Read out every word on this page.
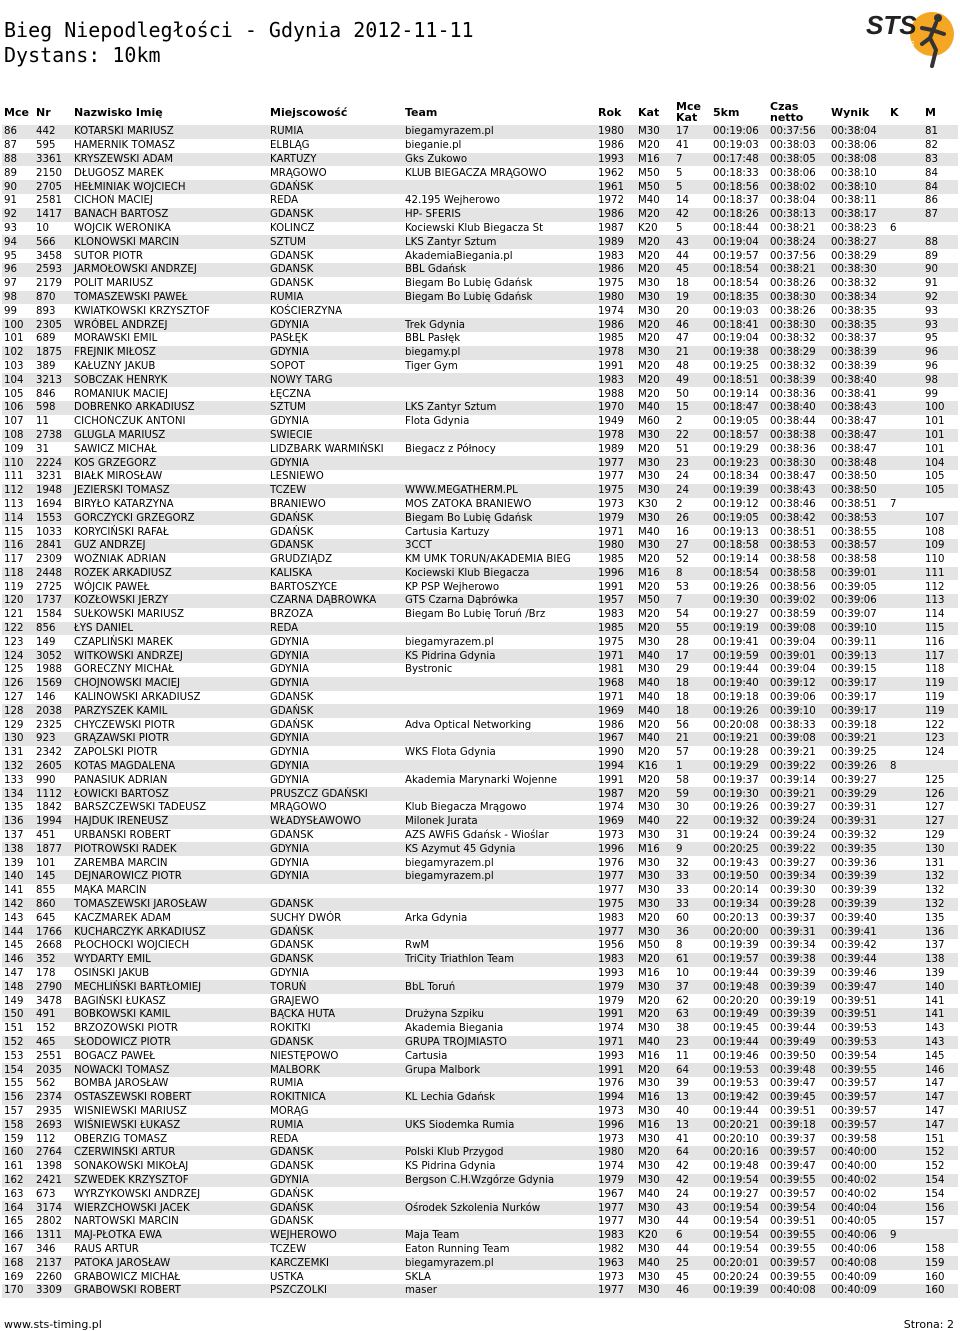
Bieg Niepodległości - Gdynia 2012-11-11
Dystans: 10km
STS
TIMING
Mce	Nr	Nazwisko Imię	Miejscowość	Team	Rok	Kat	Mce Kat	5km	Czas netto	Wynik	K	M
86	442	KOTARSKI MARIUSZ	RUMIA	biegamyrazem.pl	1980	M30	17	00:19:06	00:37:56	00:38:04		81
87	595	HAMERNIK TOMASZ	ELBLĄG	bieganie.pl	1986	M20	41	00:19:03	00:38:03	00:38:06		82
88	3361	KRYSZEWSKI ADAM	KARTUZY	Gks Zukowo	1993	M16	7	00:17:48	00:38:05	00:38:08		83
89	2150	DŁUGOSZ MAREK	MRĄGOWO	KLUB BIEGACZA MRĄGOWO	1962	M50	5	00:18:33	00:38:06	00:38:10		84
90	2705	HEŁMINIAK WOJCIECH	GDAŃSK		1961	M50	5	00:18:56	00:38:02	00:38:10		84
91	2581	CICHOŃ MACIEJ	REDA	42.195 Wejherowo	1972	M40	14	00:18:37	00:38:04	00:38:11		86
92	1417	BANACH BARTOSZ	GDAŃSK	HP- SFERIS	1986	M20	42	00:18:26	00:38:13	00:38:17		87
93	10	WÓJCIK WERONIKA	KOLINCZ	Kociewski Klub Biegacza St	1987	K20	5	00:18:44	00:38:21	00:38:23	6	
94	566	KLONOWSKI MARCIN	SZTUM	LKS Zantyr Sztum	1989	M20	43	00:19:04	00:38:24	00:38:27		88
95	3458	SUTOR PIOTR	GDANSK	AkademiaBiegania.pl	1983	M20	44	00:19:57	00:37:56	00:38:29		89
96	2593	JARMOŁOWSKI ANDRZEJ	GDAŃSK	BBL Gdańsk	1986	M20	45	00:18:54	00:38:21	00:38:30		90
97	2179	POLIT MARIUSZ	GDAŃSK	Biegam Bo Lubię Gdańsk	1975	M30	18	00:18:54	00:38:26	00:38:32		91
98	870	TOMASZEWSKI PAWEŁ	RUMIA	Biegam Bo Lubię Gdańsk	1980	M30	19	00:18:35	00:38:30	00:38:34		92
99	893	KWIATKOWSKI KRZYSZTOF	KOŚCIERZYNA		1974	M30	20	00:19:03	00:38:26	00:38:35		93
100	2305	WRÓBEL ANDRZEJ	GDYNIA	Trek Gdynia	1986	M20	46	00:18:41	00:38:30	00:38:35		93
101	689	MORAWSKI EMIL	PASŁĘK	BBL Pasłęk	1985	M20	47	00:19:04	00:38:32	00:38:37		95
102	1875	FREJNIK MIŁOSZ	GDYNIA	biegamy.pl	1978	M30	21	00:19:38	00:38:29	00:38:39		96
103	389	KAŁUŻNY JAKUB	SOPOT	Tiger Gym	1991	M20	48	00:19:25	00:38:32	00:38:39		96
104	3213	SOBCZAK HENRYK	NOWY TARG		1983	M20	49	00:18:51	00:38:39	00:38:40		98
105	846	ROMANIUK MACIEJ	ŁĘCZNA		1988	M20	50	00:19:14	00:38:36	00:38:41		99
106	598	DOBRENKO ARKADIUSZ	SZTUM	LKS Zantyr Sztum	1970	M40	15	00:18:47	00:38:40	00:38:43		100
107	11	CICHOŃCZUK ANTONI	GDYNIA	Flota Gdynia	1949	M60	2	00:19:05	00:38:44	00:38:47		101
108	2738	GLUGLA MARIUSZ	ŚWIECIE		1978	M30	22	00:18:57	00:38:38	00:38:47		101
109	31	SAWICZ MICHAŁ	LIDZBARK WARMIŃSKI	Biegacz z Północy	1989	M20	51	00:19:29	00:38:36	00:38:47		101
110	2224	KOS GRZEGORZ	GDYNIA		1977	M30	23	00:19:23	00:38:30	00:38:48		104
111	3231	BIAŁK MIROSŁAW	LEŚNIEWO		1977	M30	24	00:18:34	00:38:47	00:38:50		105
112	1948	JEZIERSKI TOMASZ	TCZEW	WWW.MEGATHERM.PL	1975	M30	24	00:19:39	00:38:43	00:38:50		105
113	1694	BIRYŁO KATARZYNA	BRANIEWO	MOS ZATOKA BRANIEWO	1973	K30	2	00:19:12	00:38:46	00:38:51	7	
114	1553	GORCZYCKI GRZEGORZ	GDAŃSK	Biegam Bo Lubię Gdańsk	1979	M30	26	00:19:05	00:38:42	00:38:53		107
115	1033	KORYCIŃSKI RAFAŁ	GDAŃSK	Cartusia Kartuzy	1971	M40	16	00:19:13	00:38:51	00:38:55		108
116	2841	GUŹ ANDRZEJ	GDAŃSK	3CCT	1980	M30	27	00:18:58	00:38:53	00:38:57		109
117	2309	WOŹNIAK ADRIAN	GRUDZIĄDZ	KM UMK TORUŃ/AKADEMIA BIEG	1985	M20	52	00:19:14	00:38:58	00:38:58		110
118	2448	RÓŻEK ARKADIUSZ	KALISKA	Kociewski Klub Biegacza	1996	M16	8	00:18:54	00:38:58	00:39:01		111
119	2725	WÓJCIK PAWEŁ	BARTOSZYCE	KP PSP Wejherowo	1991	M20	53	00:19:26	00:38:56	00:39:05		112
120	1737	KOZŁOWSKI JERZY	CZARNA DĄBRÓWKA	GTS Czarna Dąbrówka	1957	M50	7	00:19:30	00:39:02	00:39:06		113
121	1584	SUŁKOWSKI MARIUSZ	BRZOZA	Biegam Bo Lubię Toruń /Brz	1983	M20	54	00:19:27	00:38:59	00:39:07		114
122	856	ŁYŚ DANIEL	REDA		1985	M20	55	00:19:19	00:39:08	00:39:10		115
123	149	CZAPLIŃSKI MAREK	GDYNIA	biegamyrazem.pl	1975	M30	28	00:19:41	00:39:04	00:39:11		116
124	3052	WITKOWSKI ANDRZEJ	GDYNIA	KS Pidrina Gdynia	1971	M40	17	00:19:59	00:39:01	00:39:13		117
125	1988	GÓRECZNY MICHAŁ	GDYNIA	Bystronic	1981	M30	29	00:19:44	00:39:04	00:39:15		118
126	1569	CHOJNOWSKI MACIEJ	GDYNIA		1968	M40	18	00:19:40	00:39:12	00:39:17		119
127	146	KALINOWSKI ARKADIUSZ	GDAŃSK		1971	M40	18	00:19:18	00:39:06	00:39:17		119
128	2038	PARZYSZEK KAMIL	GDAŃSK		1969	M40	18	00:19:26	00:39:10	00:39:17		119
129	2325	CHYCZEWSKI PIOTR	GDAŃSK	Adva Optical Networking	1986	M20	56	00:20:08	00:38:33	00:39:18		122
130	923	GRĄŻAWSKI PIOTR	GDYNIA		1967	M40	21	00:19:21	00:39:08	00:39:21		123
131	2342	ZAPOLSKI PIOTR	GDYNIA	WKS Flota Gdynia	1990	M20	57	00:19:28	00:39:21	00:39:25		124
132	2605	KOTAS MAGDALENA	GDYNIA		1994	K16	1	00:19:29	00:39:22	00:39:26	8	
133	990	PANASIUK ADRIAN	GDYNIA	Akademia Marynarki Wojenne	1991	M20	58	00:19:37	00:39:14	00:39:27		125
134	1112	ŁOWICKI BARTOSZ	PRUSZCZ GDAŃSKI		1987	M20	59	00:19:30	00:39:21	00:39:29		126
135	1842	BARSZCZEWSKI TADEUSZ	MRĄGOWO	Klub Biegacza Mrągowo	1974	M30	30	00:19:26	00:39:27	00:39:31		127
136	1994	HAJDUK IRENEUSZ	WŁADYSŁAWOWO	Milonek Jurata	1969	M40	22	00:19:32	00:39:24	00:39:31		127
137	451	URBAŃSKI ROBERT	GDAŃSK	AZS AWFiS Gdańsk - Wioślar	1973	M30	31	00:19:24	00:39:24	00:39:32		129
138	1877	PIOTROWSKI RADEK	GDYNIA	KS Azymut 45 Gdynia	1996	M16	9	00:20:25	00:39:22	00:39:35		130
139	101	ZAREMBA MARCIN	GDYNIA	biegamyrazem.pl	1976	M30	32	00:19:43	00:39:27	00:39:36		131
140	145	DEJNAROWICZ PIOTR	GDYNIA	biegamyrazem.pl	1977	M30	33	00:19:50	00:39:34	00:39:39		132
141	855	MĄKA MARCIN			1977	M30	33	00:20:14	00:39:30	00:39:39		132
142	860	TOMASZEWSKI JAROSŁAW	GDAŃSK		1975	M30	33	00:19:34	00:39:28	00:39:39		132
143	645	KACZMAREK ADAM	SUCHY DWÓR	Arka Gdynia	1983	M20	60	00:20:13	00:39:37	00:39:40		135
144	1766	KUCHARCZYK ARKADIUSZ	GDAŃSK		1977	M30	36	00:20:00	00:39:31	00:39:41		136
145	2668	PŁOCHOCKI WOJCIECH	GDAŃSK	RwM	1956	M50	8	00:19:39	00:39:34	00:39:42		137
146	352	WYDARTY EMIL	GDAŃSK	TriCity Triathlon Team	1983	M20	61	00:19:57	00:39:38	00:39:44		138
147	178	OSIŃSKI JAKUB	GDYNIA		1993	M16	10	00:19:44	00:39:39	00:39:46		139
148	2790	MECHLIŃSKI BARTŁOMIEJ	TORUŃ	BbL Toruń	1979	M30	37	00:19:48	00:39:39	00:39:47		140
149	3478	BAGIŃSKI ŁUKASZ	GRAJEWO		1979	M20	62	00:20:20	00:39:19	00:39:51		141
150	491	BOBKOWSKI KAMIL	BĄCKA HUTA	Drużyna Szpiku	1991	M20	63	00:19:49	00:39:39	00:39:51		141
151	152	BRZOZOWSKI PIOTR	ROKITKI	Akademia Biegania	1974	M30	38	00:19:45	00:39:44	00:39:53		143
152	465	SŁODOWICZ PIOTR	GDAŃSK	GRUPA TROJMIASTO	1971	M40	23	00:19:44	00:39:49	00:39:53		143
153	2551	BOGACZ PAWEŁ	NIESTĘPOWO	Cartusia	1993	M16	11	00:19:46	00:39:50	00:39:54		145
154	2035	NOWACKI TOMASZ	MALBORK	Grupa Malbork	1991	M20	64	00:19:53	00:39:48	00:39:55		146
155	562	BOMBA JAROSŁAW	RUMIA		1976	M30	39	00:19:53	00:39:47	00:39:57		147
156	2374	OSTASZEWSKI ROBERT	ROKITNICA	KL Lechia Gdańsk	1994	M16	13	00:19:42	00:39:45	00:39:57		147
157	2935	WIŚNIEWSKI MARIUSZ	MORĄG		1973	M30	40	00:19:44	00:39:51	00:39:57		147
158	2693	WIŚNIEWSKI ŁUKASZ	RUMIA	UKS Siodemka Rumia	1996	M16	13	00:20:21	00:39:18	00:39:57		147
159	112	OBERZIG TOMASZ	REDA		1973	M30	41	00:20:10	00:39:37	00:39:58		151
160	2764	CZERWIŃSKI ARTUR	GDAŃSK	Polski Klub Przygod	1980	M20	64	00:20:16	00:39:57	00:40:00		152
161	1398	SONAKOWSKI MIKOŁAJ	GDAŃSK	KS Pidrina Gdynia	1974	M30	42	00:19:48	00:39:47	00:40:00		152
162	2421	SZWEDEK KRZYSZTOF	GDYNIA	Bergson C.H.Wzgórze Gdynia	1979	M30	42	00:19:54	00:39:55	00:40:02		154
163	673	WYRZYKOWSKI ANDRZEJ	GDAŃSK		1967	M40	24	00:19:27	00:39:57	00:40:02		154
164	3174	WIERZCHOWSKI JACEK	GDAŃSK	Ośrodek Szkolenia Nurków	1977	M30	43	00:19:54	00:39:54	00:40:04		156
165	2802	NARTOWSKI MARCIN	GDAŃSK		1977	M30	44	00:19:54	00:39:51	00:40:05		157
166	1311	MAJ-PŁOTKA EWA	WEJHEROWO	Maja Team	1983	K20	6	00:19:54	00:39:55	00:40:06	9	
167	346	RAUS ARTUR	TCZEW	Eaton Running Team	1982	M30	44	00:19:54	00:39:55	00:40:06		158
168	2137	PATOKA JAROSŁAW	KARCZEMKI	biegamyrazem.pl	1963	M40	25	00:20:01	00:39:57	00:40:08		159
169	2260	GRABOWICZ MICHAŁ	USTKA	SKLA	1973	M30	45	00:20:24	00:39:55	00:40:09		160
170	3309	GRABOWSKI ROBERT	PSZCZOLKI	maser	1977	M30	46	00:19:39	00:40:08	00:40:09		160
www.sts-timing.pl	Strona: 2
